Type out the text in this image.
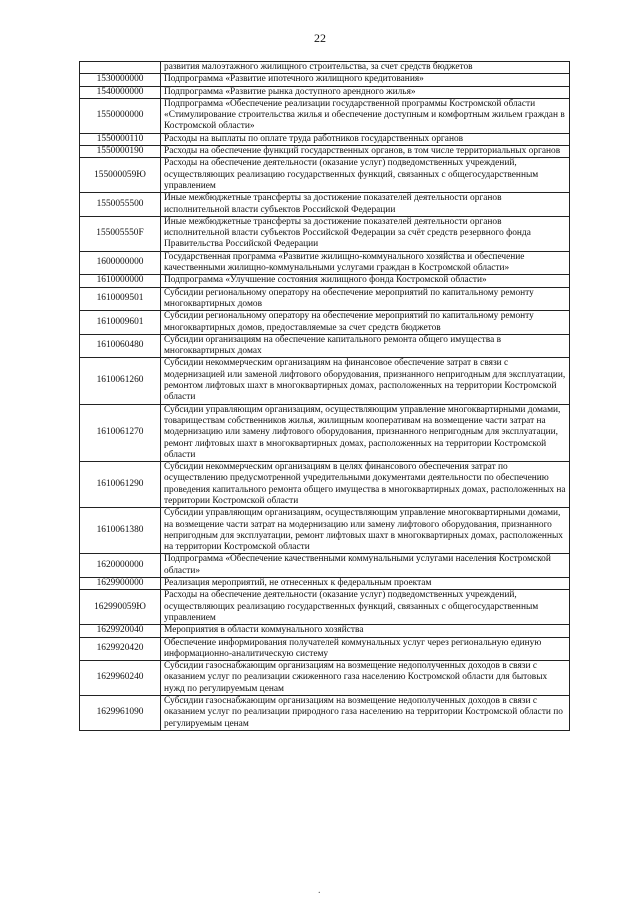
22
	развития малоэтажного жилищного строительства, за счет средств бюджетов
1530000000	Подпрограмма «Развитие ипотечного жилищного кредитования»
1540000000	Подпрограмма «Развитие рынка доступного арендного жилья»
1550000000	Подпрограмма «Обеспечение реализации государственной программы Костромской области «Стимулирование строительства жилья и обеспечение доступным и комфортным жильем граждан в Костромской области»
1550000110	Расходы на выплаты по оплате труда работников государственных органов
1550000190	Расходы на обеспечение функций государственных органов, в том числе территориальных органов
155000059Ю	Расходы на обеспечение деятельности (оказание услуг) подведомственных учреждений, осуществляющих реализацию государственных функций, связанных с общегосударственным управлением
1550055500	Иные межбюджетные трансферты за достижение показателей деятельности органов исполнительной власти субъектов Российской Федерации
155005550F	Иные межбюджетные трансферты за достижение показателей деятельности органов исполнительной власти субъектов Российской Федерации за счёт средств резервного фонда Правительства Российской Федерации
1600000000	Государственная программа «Развитие жилищно-коммунального хозяйства и обеспечение качественными жилищно-коммунальными услугами граждан в Костромской области»
1610000000	Подпрограмма «Улучшение состояния жилищного фонда Костромской области»
1610009501	Субсидии региональному оператору на обеспечение мероприятий по капитальному ремонту многоквартирных домов
1610009601	Субсидии региональному оператору на обеспечение мероприятий по капитальному ремонту многоквартирных домов, предоставляемые за счет средств бюджетов
1610060480	Субсидии организациям на обеспечение капитального ремонта общего имущества в многоквартирных домах
1610061260	Субсидии некоммерческим организациям на финансовое обеспечение затрат в связи с модернизацией или заменой лифтового оборудования, признанного непригодным для эксплуатации, ремонтом лифтовых шахт в многоквартирных домах, расположенных на территории Костромской области
1610061270	Субсидии управляющим организациям, осуществляющим управление многоквартирными домами, товариществам собственников жилья, жилищным кооперативам на возмещение части затрат на модернизацию или замену лифтового оборудования, признанного непригодным для эксплуатации, ремонт лифтовых шахт в многоквартирных домах, расположенных на территории Костромской области
1610061290	Субсидии некоммерческим организациям в целях финансового обеспечения затрат по осуществлению предусмотренной учредительными документами деятельности по обеспечению проведения капитального ремонта общего имущества в многоквартирных домах, расположенных на территории Костромской области
1610061380	Субсидии управляющим организациям, осуществляющим управление многоквартирными домами, на возмещение части затрат на модернизацию или замену лифтового оборудования, признанного непригодным для эксплуатации, ремонт лифтовых шахт в многоквартирных домах, расположенных на территории Костромской области
1620000000	Подпрограмма «Обеспечение качественными коммунальными услугами населения Костромской области»
1629900000	Реализация мероприятий, не отнесенных к федеральным проектам
162990059Ю	Расходы на обеспечение деятельности (оказание услуг) подведомственных учреждений, осуществляющих реализацию государственных функций, связанных с общегосударственным управлением
1629920040	Мероприятия в области коммунального хозяйства
1629920420	Обеспечение информирования получателей коммунальных услуг через региональную единую информационно-аналитическую систему
1629960240	Субсидии газоснабжающим организациям на возмещение недополученных доходов в связи с оказанием услуг по реализации сжиженного газа населению Костромской области для бытовых нужд по регулируемым ценам
1629961090	Субсидии газоснабжающим организациям на возмещение недополученных доходов в связи с оказанием услуг по реализации природного газа населению на территории Костромской области по регулируемым ценам
.
